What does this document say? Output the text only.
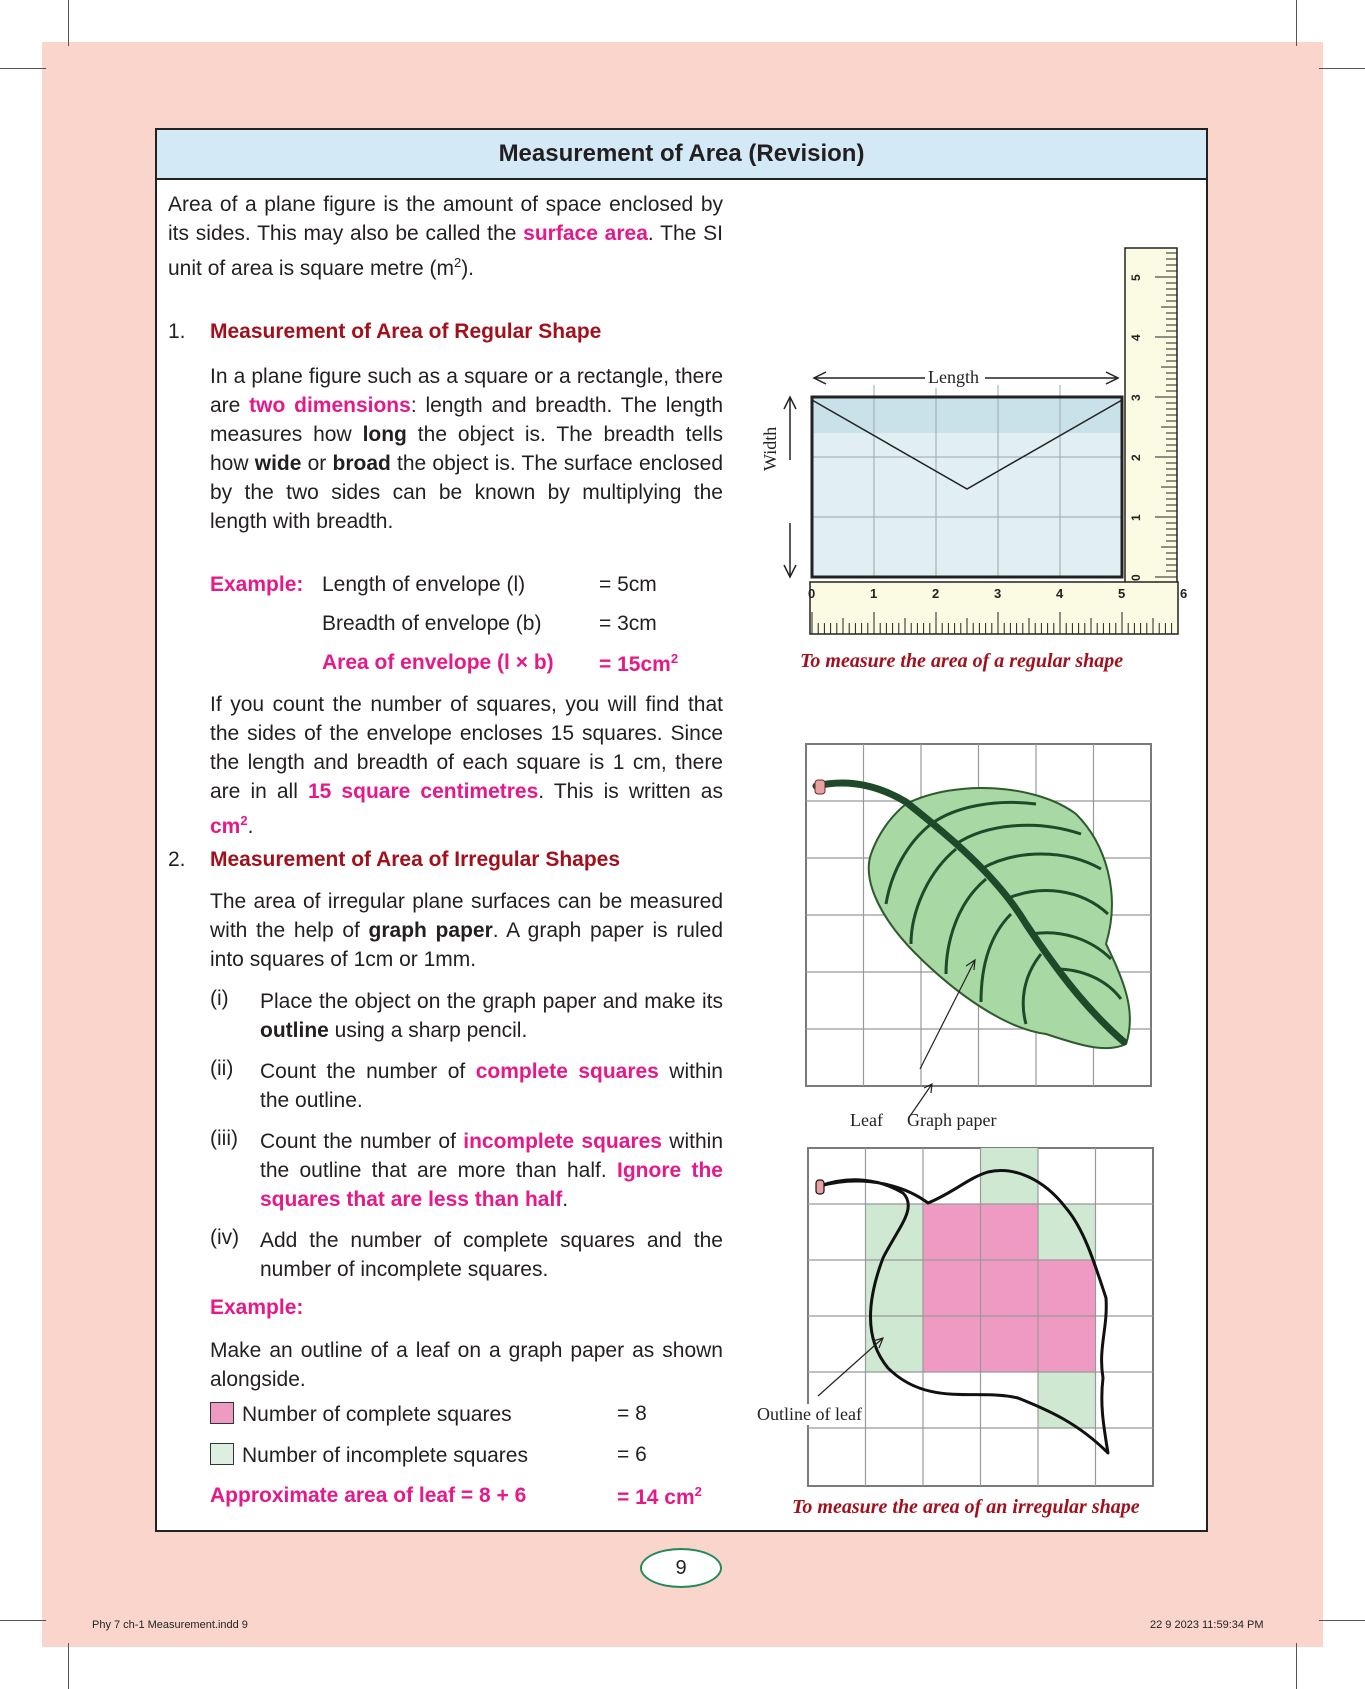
Phy 7 ch-1 Measurement.indd 9	22 9 2023 11:59:34 PM
Measurement of Area (Revision)
Area of a plane figure is the amount of space enclosed by its sides. This may also be called the surface area. The SI unit of area is square metre $(m^2)$.
1. Measurement of Area of Regular Shape
In a plane figure such as a square or a rectangle, there are two dimensions: length and breadth. The length measures how long the object is. The breadth tells how wide or broad the object is. The surface enclosed by the two sides can be known by multiplying the length with breadth.
Example: Length of envelope (l)	= 5cm
Breadth of envelope (b)	= 3cm
Area of envelope $(l \times b) = 15cm^2$
If you count the number of squares, you will find that the sides of the envelope encloses 15 squares. Since the length and breadth of each square is 1 cm, there are in all 15 square centimetres. This is written as $cm^2$.
2. Measurement of Area of Irregular Shapes
The area of irregular plane surfaces can be measured with the help of graph paper. A graph paper is ruled into squares of 1cm or 1mm.
(i) Place the object on the graph paper and make its outline using a sharp pencil.
(ii) Count the number of complete squares within the outline.
(iii) Count the number of incomplete squares within the outline that are more than half. Ignore the squares that are less than half.
(iv) Add the number of complete squares and the number of incomplete squares.
Example:
Make an outline of a leaf on a graph paper as shown alongside.
Number of complete squares	= 8
Number of incomplete squares	= 6
Approximate area of leaf = 8 + 6	= 14 $cm^2$
0
1
2
3
4
5
0	1	2	3	4	5	6
Length
Width
To measure the area of a regular shape
Leaf Graph paper
Outline of leaf
To measure the area of an irregular shape
9
